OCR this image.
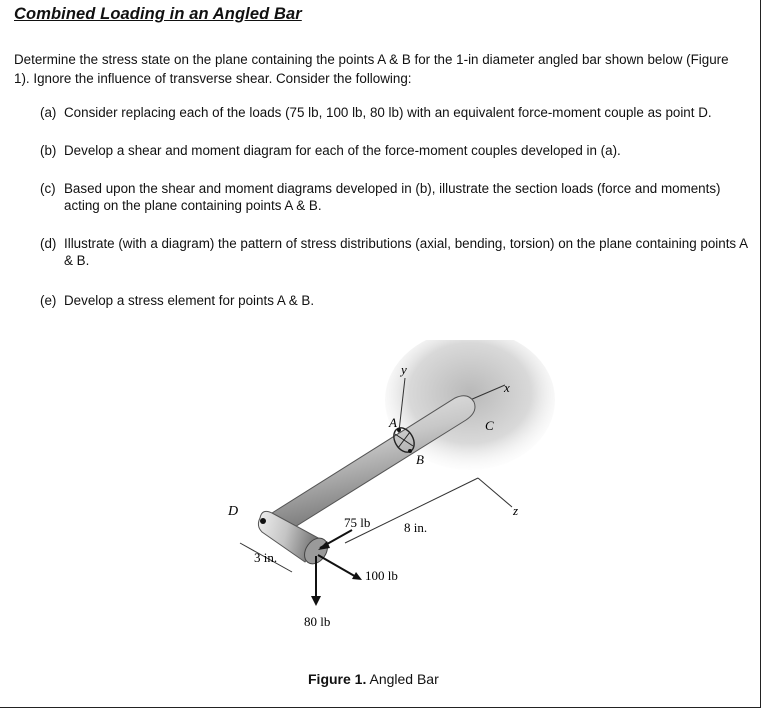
Combined Loading in an Angled Bar
Determine the stress state on the plane containing the points A & B for the 1-in diameter angled bar shown below (Figure 1). Ignore the influence of transverse shear. Consider the following:
(a) Consider replacing each of the loads (75 lb, 100 lb, 80 lb) with an equivalent force-moment couple as point D.
(b) Develop a shear and moment diagram for each of the force-moment couples developed in (a).
(c) Based upon the shear and moment diagrams developed in (b), illustrate the section loads (force and moments) acting on the plane containing points A & B.
(d) Illustrate (with a diagram) the pattern of stress distributions (axial, bending, torsion) on the plane containing points A & B.
(e) Develop a stress element for points A & B.
y
x
z
A
B
C
D
75 lb	8 in.
3 in.
100 lb
80 lb
Figure 1. Angled Bar
